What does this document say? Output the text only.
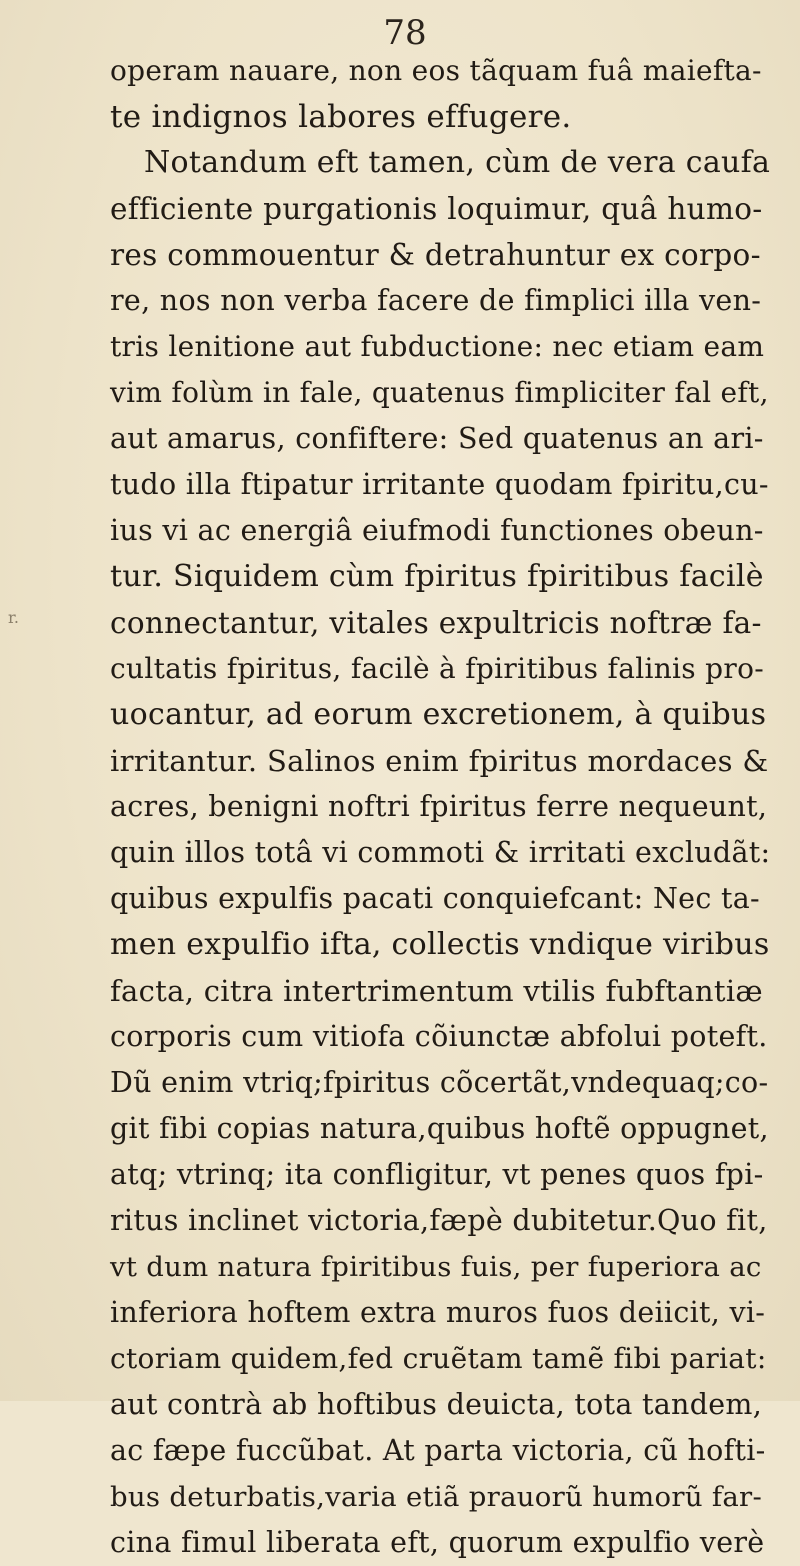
78
r.
operam nauare, non eos tãquam fuâ maiefta-
te indignos labores effugere.
Notandum eft tamen, cùm de vera caufa
efficiente purgationis loquimur, quâ humo-
res commouentur & detrahuntur ex corpo-
re, nos non verba facere de fimplici illa ven-
tris lenitione aut fubductione: nec etiam eam
vim folùm in fale, quatenus fimpliciter fal eft,
aut amarus, confiftere: Sed quatenus an ari-
tudo illa ftipatur irritante quodam fpiritu,cu-
ius vi ac energiâ eiufmodi functiones obeun-
tur. Siquidem cùm fpiritus fpiritibus facilè
connectantur, vitales expultricis noftræ fa-
cultatis fpiritus, facilè à fpiritibus falinis pro-
uocantur, ad eorum excretionem, à quibus
irritantur. Salinos enim fpiritus mordaces &
acres, benigni noftri fpiritus ferre nequeunt,
quin illos totâ vi commoti & irritati excludãt:
quibus expulfis pacati conquiefcant: Nec ta-
men expulfio ifta, collectis vndique viribus
facta, citra intertrimentum vtilis fubftantiæ
corporis cum vitiofa cõiunctæ abfolui poteft.
Dũ enim vtriq;fpiritus cõcertãt,vndequaq;co-
git fibi copias natura,quibus hoftẽ oppugnet,
atq; vtrinq; ita confligitur, vt penes quos fpi-
ritus inclinet victoria,fæpè dubitetur.Quo fit,
vt dum natura fpiritibus fuis, per fuperiora ac
inferiora hoftem extra muros fuos deiicit, vi-
ctoriam quidem,fed cruẽtam tamẽ fibi pariat:
aut contrà ab hoftibus deuicta, tota tandem,
ac fæpe fuccũbat. At parta victoria, cũ hofti-
bus deturbatis,varia etiã prauorũ humorũ far-
cina fimul liberata eft, quorum expulfio verè
